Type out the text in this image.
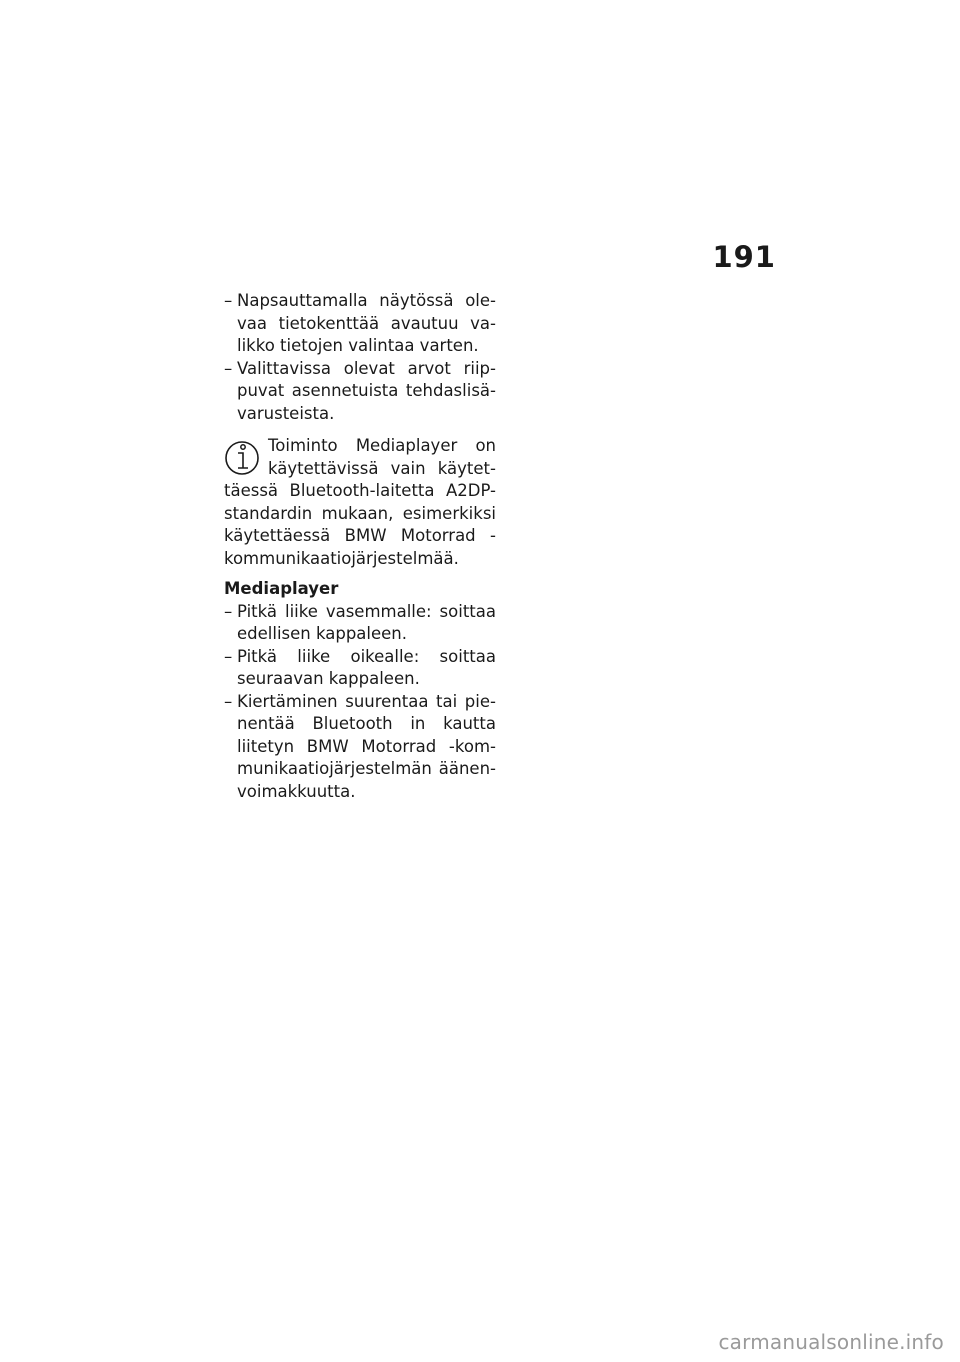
191
– Napsauttamalla näytössä olevaa tietokenttää avautuu valikko tietojen valintaa varten.
– Valittavissa olevat arvot riippuvat asennetuista tehdaslisävarusteista.

Toiminto Mediaplayer on käytettävissä vain käytettäessä Bluetooth-laitetta A2DP-standardin mukaan, esimerkiksi käytettäessä BMW Motorrad -kommunikaatiojärjestelmää.

Mediaplayer
– Pitkä liike vasemmalle: soittaa edellisen kappaleen.
– Pitkä liike oikealle: soittaa seuraavan kappaleen.
– Kiertäminen suurentaa tai pienentää Bluetooth in kautta liitetyn BMW Motorrad -kommunikaatiojärjestelmän äänenvoimakkuutta.
carmanualsonline.info
